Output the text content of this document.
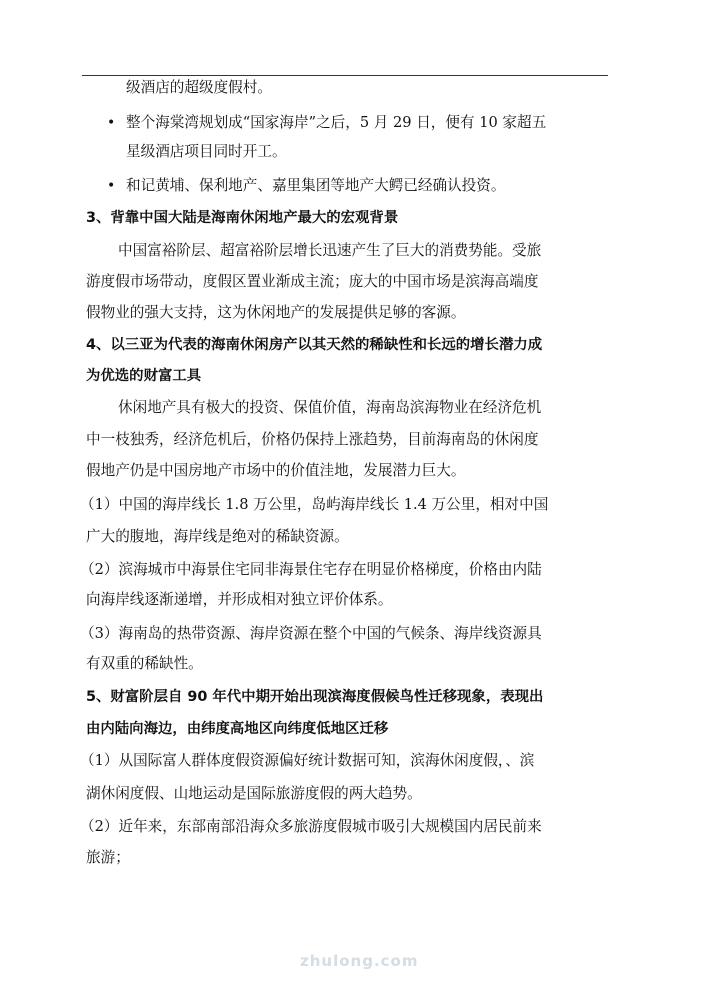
级酒店的超级度假村。
• 整个海棠湾规划成“国家海岸”之后，5 月 29 日，便有 10 家超五
星级酒店项目同时开工。
• 和记黄埔、保利地产、嘉里集团等地产大鳄已经确认投资。
3、背靠中国大陆是海南休闲地产最大的宏观背景
中国富裕阶层、超富裕阶层增长迅速产生了巨大的消费势能。受旅
游度假市场带动，度假区置业渐成主流；庞大的中国市场是滨海高端度
假物业的强大支持，这为休闲地产的发展提供足够的客源。
4、以三亚为代表的海南休闲房产以其天然的稀缺性和长远的增长潜力成
为优选的财富工具
休闲地产具有极大的投资、保值价值，海南岛滨海物业在经济危机
中一枝独秀，经济危机后，价格仍保持上涨趋势，目前海南岛的休闲度
假地产仍是中国房地产市场中的价值洼地，发展潜力巨大。
（1）中国的海岸线长 1.8 万公里，岛屿海岸线长 1.4 万公里，相对中国
广大的腹地，海岸线是绝对的稀缺资源。
（2）滨海城市中海景住宅同非海景住宅存在明显价格梯度，价格由内陆
向海岸线逐渐递增，并形成相对独立评价体系。
（3）海南岛的热带资源、海岸资源在整个中国的气候条、海岸线资源具
有双重的稀缺性。
5、财富阶层自 90 年代中期开始出现滨海度假候鸟性迁移现象，表现出
由内陆向海边，由纬度高地区向纬度低地区迁移
（1）从国际富人群体度假资源偏好统计数据可知，滨海休闲度假，、滨
湖休闲度假、山地运动是国际旅游度假的两大趋势。
（2）近年来，东部南部沿海众多旅游度假城市吸引大规模国内居民前来
旅游；
zhulong.com
